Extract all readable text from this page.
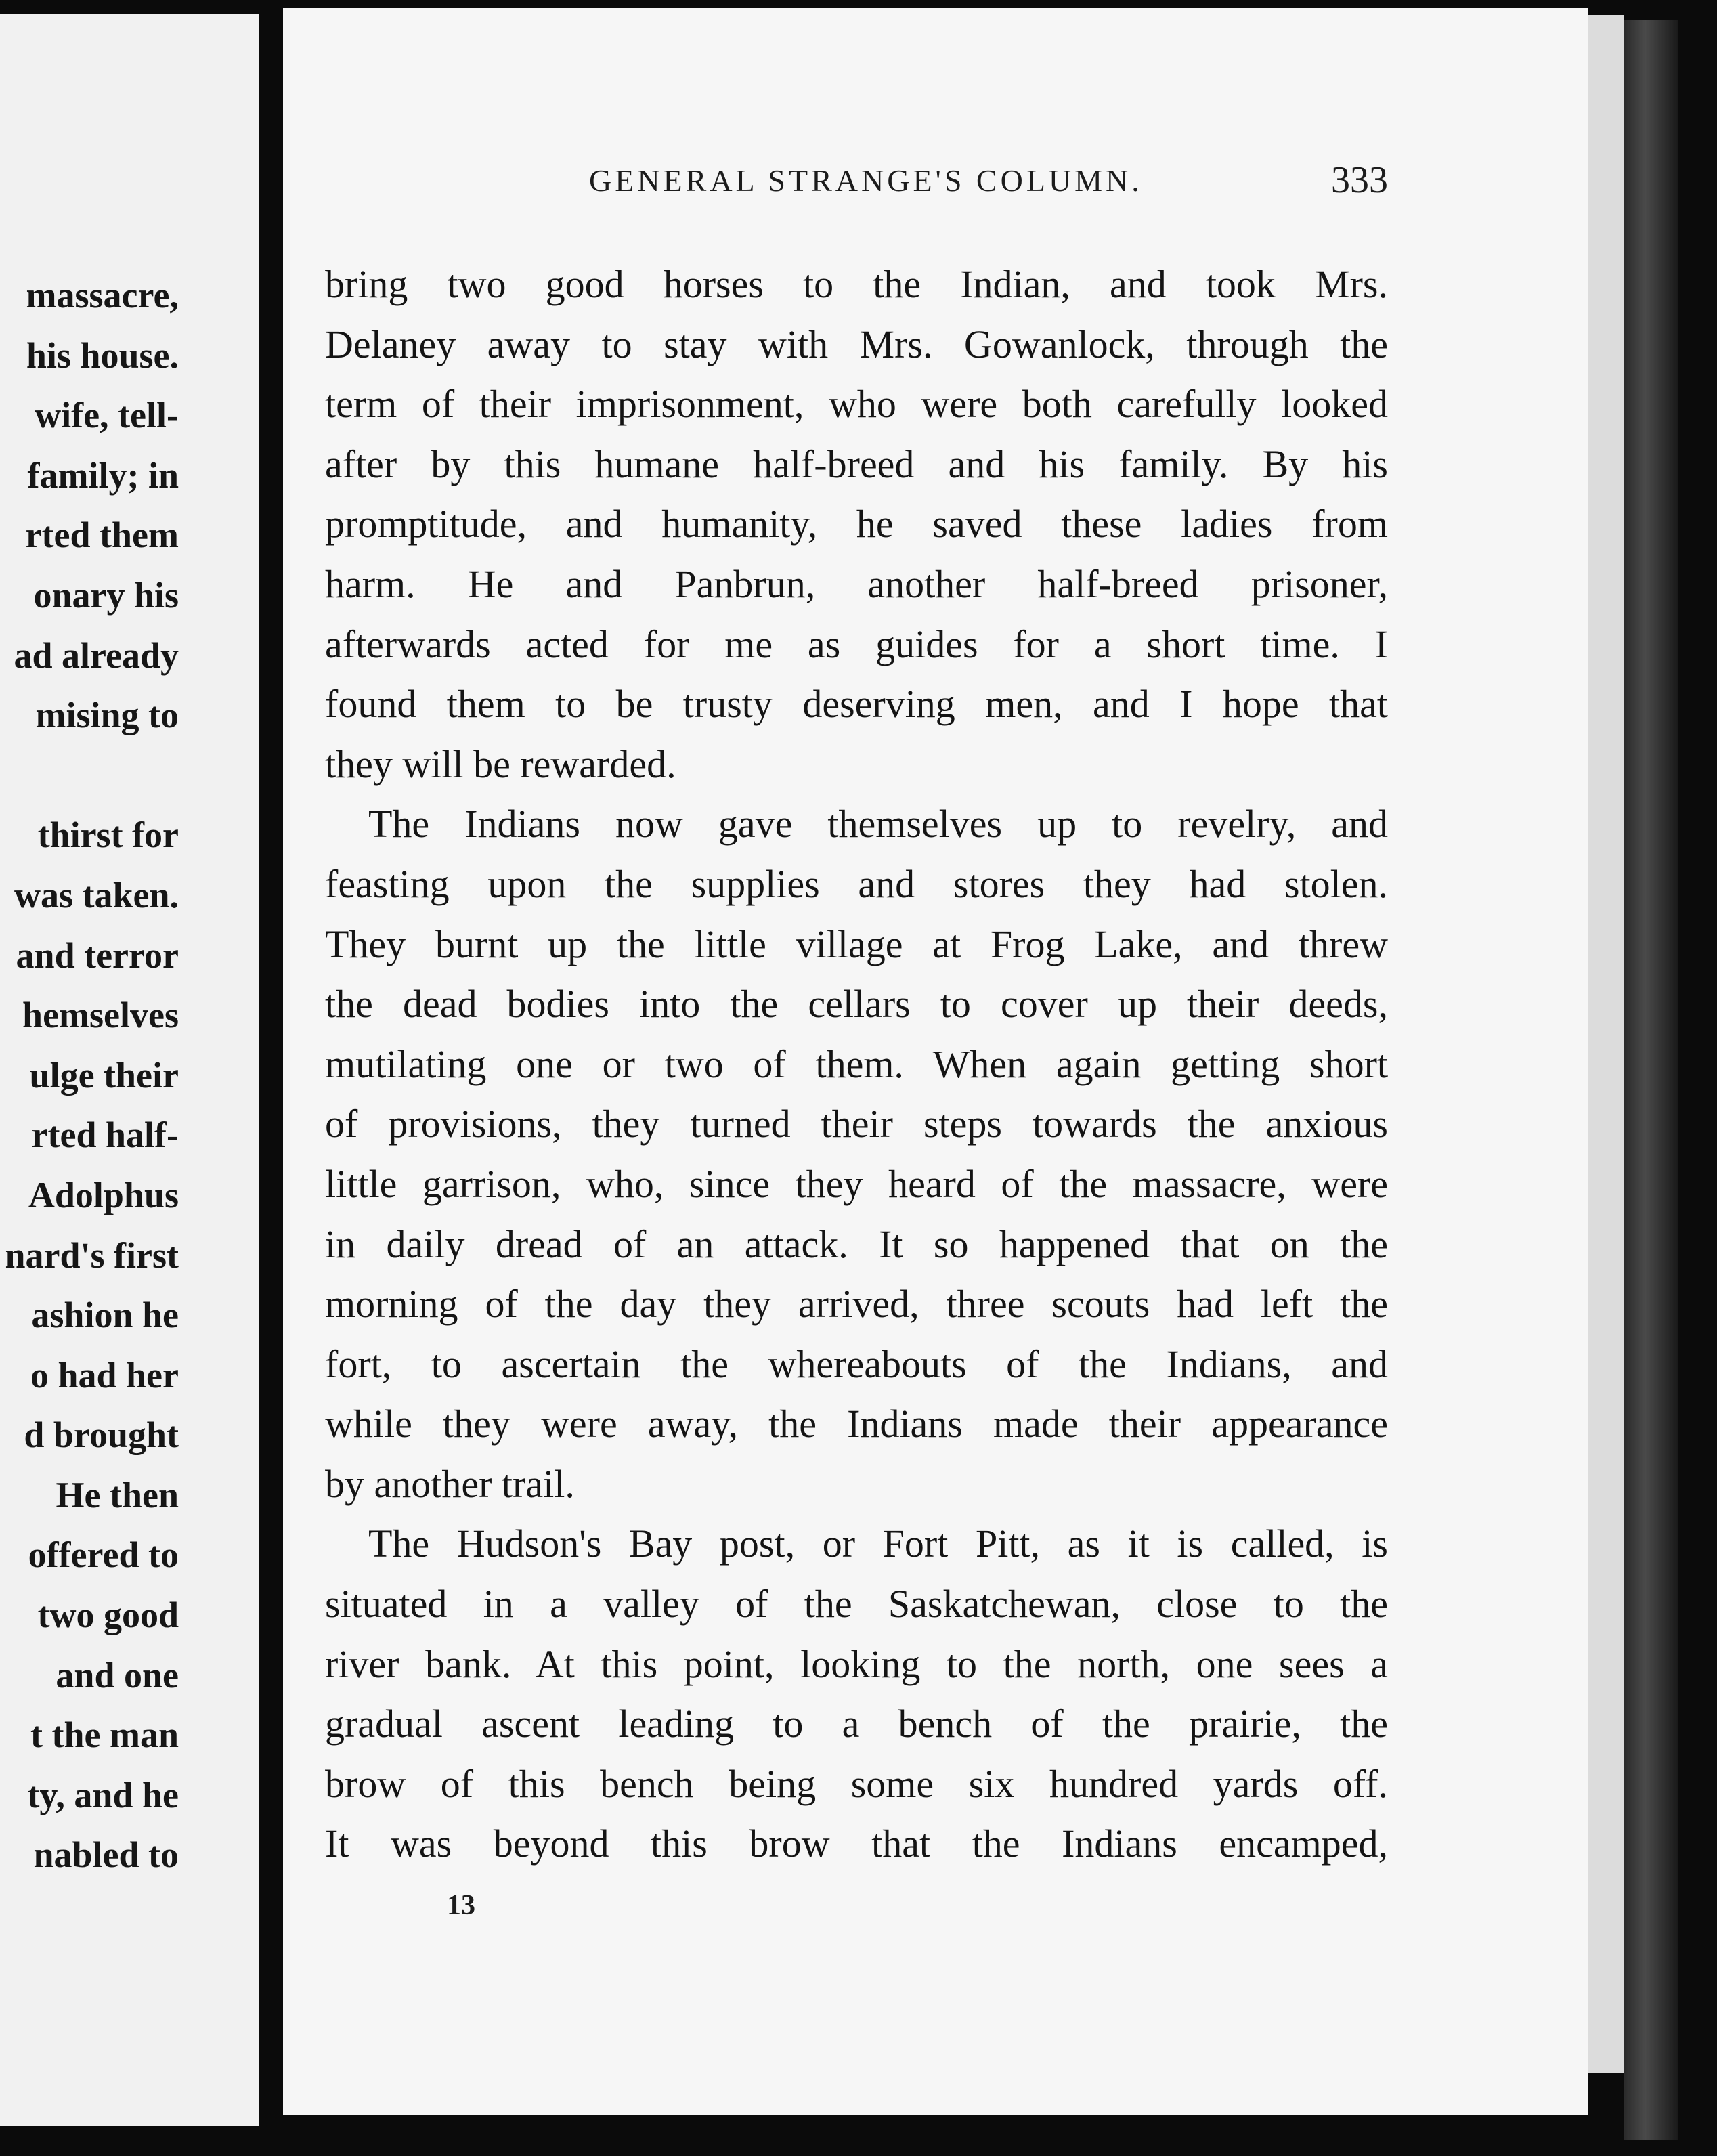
massacre,
his house.
wife, tell-
family; in
rted them
onary his
ad already
mising to
thirst for
was taken.
and terror
hemselves
ulge their
rted half-
Adolphus
nard's first
ashion he
o had her
d brought
He then
offered to
two good
and one
t the man
ty, and he
nabled to
GENERAL STRANGE'S COLUMN.	333
bring two good horses to the Indian, and took Mrs.
Delaney away to stay with Mrs. Gowanlock, through the
term of their imprisonment, who were both carefully looked
after by this humane half-breed and his family. By his
promptitude, and humanity, he saved these ladies from
harm. He and Panbrun, another half-breed prisoner,
afterwards acted for me as guides for a short time. I
found them to be trusty deserving men, and I hope that
they will be rewarded.
The Indians now gave themselves up to revelry, and
feasting upon the supplies and stores they had stolen.
They burnt up the little village at Frog Lake, and threw
the dead bodies into the cellars to cover up their deeds,
mutilating one or two of them. When again getting short
of provisions, they turned their steps towards the anxious
little garrison, who, since they heard of the massacre, were
in daily dread of an attack. It so happened that on the
morning of the day they arrived, three scouts had left the
fort, to ascertain the whereabouts of the Indians, and
while they were away, the Indians made their appearance
by another trail.
The Hudson's Bay post, or Fort Pitt, as it is called, is
situated in a valley of the Saskatchewan, close to the
river bank. At this point, looking to the north, one sees a
gradual ascent leading to a bench of the prairie, the
brow of this bench being some six hundred yards off.
It was beyond this brow that the Indians encamped,
13
